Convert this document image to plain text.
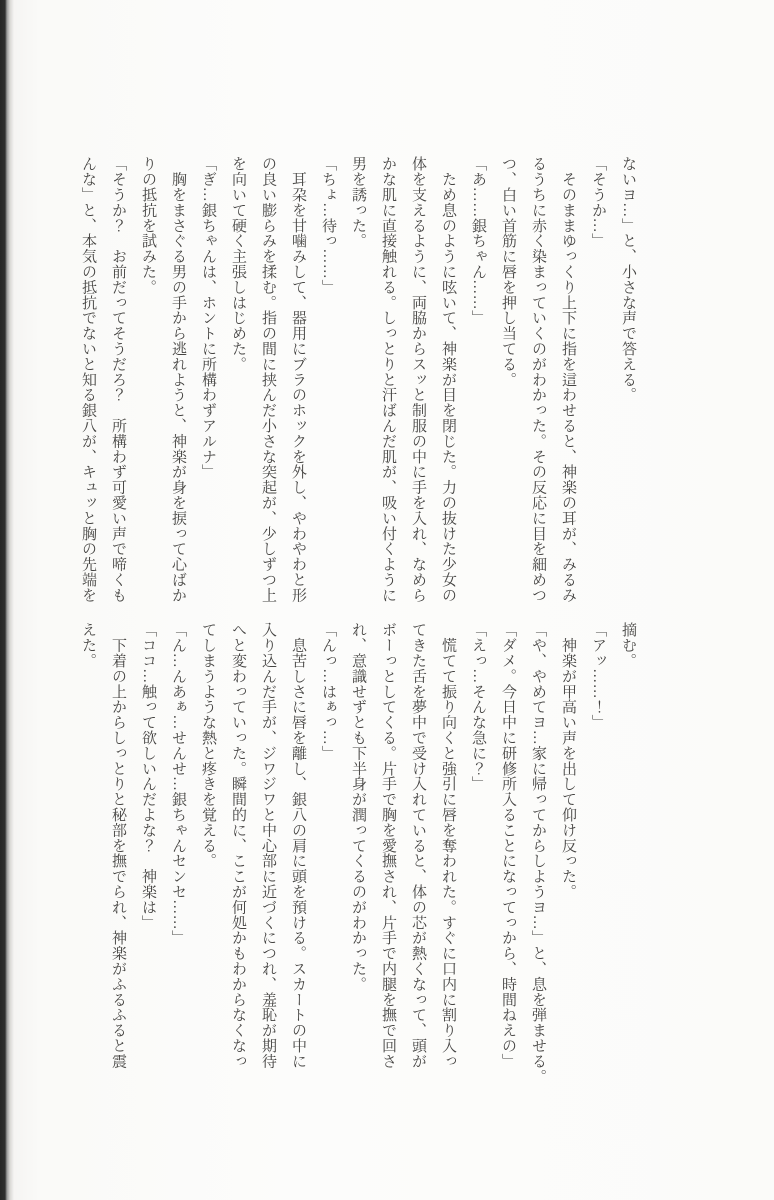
ないヨ…」と、小さな声で答える。
「そうか…」
　そのままゆっくり上下に指を這わせると、神楽の耳が、みるみ
るうちに赤く染まっていくのがわかった。その反応に目を細めつ
つ、白い首筋に唇を押し当てる。
「あ……銀ちゃん……」
　ため息のように呟いて、神楽が目を閉じた。力の抜けた少女の
体を支えるように、両脇からスッと制服の中に手を入れ、なめら
かな肌に直接触れる。しっとりと汗ばんだ肌が、吸い付くように
男を誘った。
「ちょ…待っ……」
　耳朶を甘噛みして、器用にブラのホックを外し、やわやわと形
の良い膨らみを揉む。指の間に挟んだ小さな突起が、少しずつ上
を向いて硬く主張しはじめた。
「ぎ…銀ちゃんは、ホントに所構わずアルナ」
　胸をまさぐる男の手から逃れようと、神楽が身を捩って心ばか
りの抵抗を試みた。
「そうか？　お前だってそうだろ？　所構わず可愛い声で啼くも
んな」と、本気の抵抗でないと知る銀八が、キュッと胸の先端を
摘む。
「アッ……！」
　神楽が甲高い声を出して仰け反った。
「や、やめてヨ…家に帰ってからしようヨ…」と、息を弾ませる。
「ダメ。今日中に研修所入ることになってっから、時間ねえの」
「えっ…そんな急に？」
　慌てて振り向くと強引に唇を奪われた。すぐに口内に割り入っ
てきた舌を夢中で受け入れていると、体の芯が熱くなって、頭が
ボーっとしてくる。片手で胸を愛撫され、片手で内腿を撫で回さ
れ、意識せずとも下半身が潤ってくるのがわかった。
「んっ…はぁっ…」
　息苦しさに唇を離し、銀八の肩に頭を預ける。スカートの中に
入り込んだ手が、ジワジワと中心部に近づくにつれ、羞恥が期待
へと変わっていった。瞬間的に、ここが何処かもわからなくなっ
てしまうような熱と疼きを覚える。
「ん…んあぁ…せんせ…銀ちゃんセンセ……」
「ココ…触って欲しいんだよな？　神楽は」
　下着の上からしっとりと秘部を撫でられ、神楽がふるふると震
えた。
